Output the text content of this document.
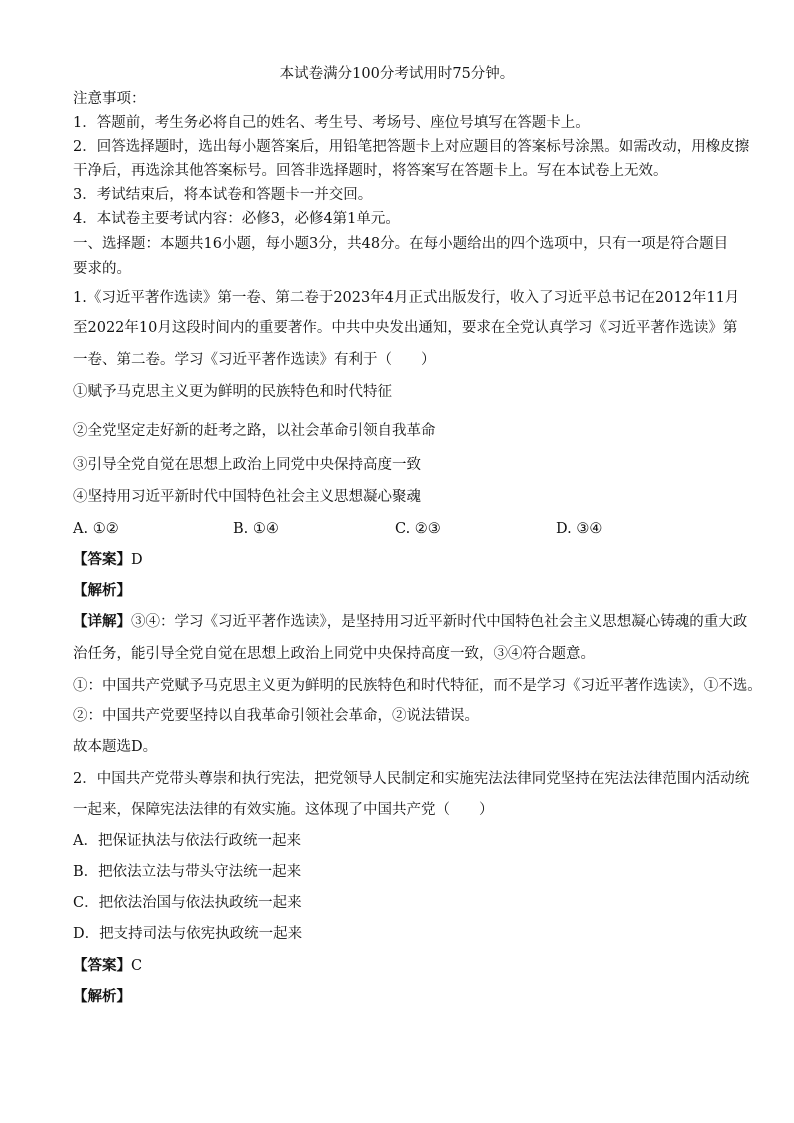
本试卷满分100分考试用时75分钟。
注意事项：
1．答题前，考生务必将自己的姓名、考生号、考场号、座位号填写在答题卡上。
2．回答选择题时，选出每小题答案后，用铅笔把答题卡上对应题目的答案标号涂黑。如需改动，用橡皮擦
干净后，再选涂其他答案标号。回答非选择题时，将答案写在答题卡上。写在本试卷上无效。
3．考试结束后，将本试卷和答题卡一并交回。
4．本试卷主要考试内容：必修3，必修4第1单元。
一、选择题：本题共16小题，每小题3分，共48分。在每小题给出的四个选项中，只有一项是符合题目
要求的。
1.《习近平著作选读》第一卷、第二卷于2023年4月正式出版发行，收入了习近平总书记在2012年11月
至2022年10月这段时间内的重要著作。中共中央发出通知，要求在全党认真学习《习近平著作选读》第
一卷、第二卷。学习《习近平著作选读》有利于（　　）
①赋予马克思主义更为鲜明的民族特色和时代特征
②全党坚定走好新的赶考之路，以社会革命引领自我革命
③引导全党自觉在思想上政治上同党中央保持高度一致
④坚持用习近平新时代中国特色社会主义思想凝心聚魂
A. ①②	B. ①④	C. ②③	D. ③④
【答案】D
【解析】
【详解】③④：学习《习近平著作选读》，是坚持用习近平新时代中国特色社会主义思想凝心铸魂的重大政
治任务，能引导全党自觉在思想上政治上同党中央保持高度一致，③④符合题意。
①：中国共产党赋予马克思主义更为鲜明的民族特色和时代特征，而不是学习《习近平著作选读》，①不选。
②：中国共产党要坚持以自我革命引领社会革命，②说法错误。
故本题选D。
2．中国共产党带头尊崇和执行宪法，把党领导人民制定和实施宪法法律同党坚持在宪法法律范围内活动统
一起来，保障宪法法律的有效实施。这体现了中国共产党（　　）
A．把保证执法与依法行政统一起来
B．把依法立法与带头守法统一起来
C．把依法治国与依法执政统一起来
D．把支持司法与依宪执政统一起来
【答案】C
【解析】
